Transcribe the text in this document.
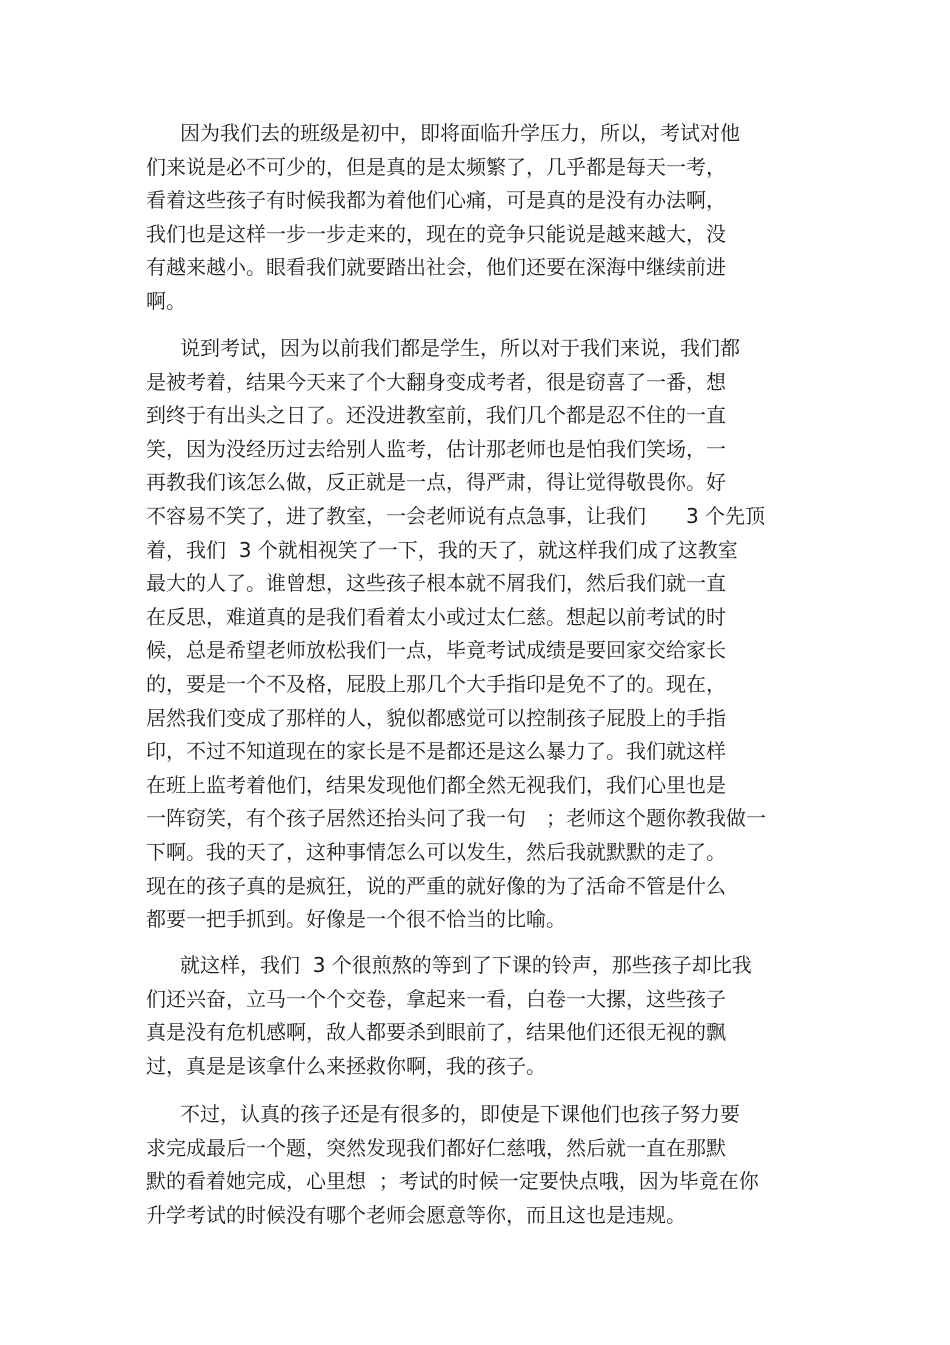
因为我们去的班级是初中，即将面临升学压力，所以，考试对他
们来说是必不可少的，但是真的是太频繁了，几乎都是每天一考，
看着这些孩子有时候我都为着他们心痛，可是真的是没有办法啊，
我们也是这样一步一步走来的，现在的竞争只能说是越来越大，没
有越来越小。眼看我们就要踏出社会，他们还要在深海中继续前进
啊。
说到考试，因为以前我们都是学生，所以对于我们来说，我们都
是被考着，结果今天来了个大翻身变成考者，很是窃喜了一番，想
到终于有出头之日了。还没进教室前，我们几个都是忍不住的一直
笑，因为没经历过去给别人监考，估计那老师也是怕我们笑场，一
再教我们该怎么做，反正就是一点，得严肃，得让觉得敬畏你。好
不容易不笑了，进了教室，一会老师说有点急事，让我们　　3 个先顶
着，我们  3 个就相视笑了一下，我的天了，就这样我们成了这教室
最大的人了。谁曾想，这些孩子根本就不屑我们，然后我们就一直
在反思，难道真的是我们看着太小或过太仁慈。想起以前考试的时
候，总是希望老师放松我们一点，毕竟考试成绩是要回家交给家长
的，要是一个不及格，屁股上那几个大手指印是免不了的。现在，
居然我们变成了那样的人，貌似都感觉可以控制孩子屁股上的手指
印，不过不知道现在的家长是不是都还是这么暴力了。我们就这样
在班上监考着他们，结果发现他们都全然无视我们，我们心里也是
一阵窃笑，有个孩子居然还抬头问了我一句　；老师这个题你教我做一
下啊。我的天了，这种事情怎么可以发生，然后我就默默的走了。
现在的孩子真的是疯狂，说的严重的就好像的为了活命不管是什么
都要一把手抓到。好像是一个很不恰当的比喻。
就这样，我们  3 个很煎熬的等到了下课的铃声，那些孩子却比我
们还兴奋，立马一个个交卷，拿起来一看，白卷一大摞，这些孩子
真是没有危机感啊，敌人都要杀到眼前了，结果他们还很无视的飘
过，真是是该拿什么来拯救你啊，我的孩子。
不过，认真的孩子还是有很多的，即使是下课他们也孩子努力要
求完成最后一个题，突然发现我们都好仁慈哦，然后就一直在那默
默的看着她完成，心里想  ；考试的时候一定要快点哦，因为毕竟在你
升学考试的时候没有哪个老师会愿意等你，而且这也是违规。
